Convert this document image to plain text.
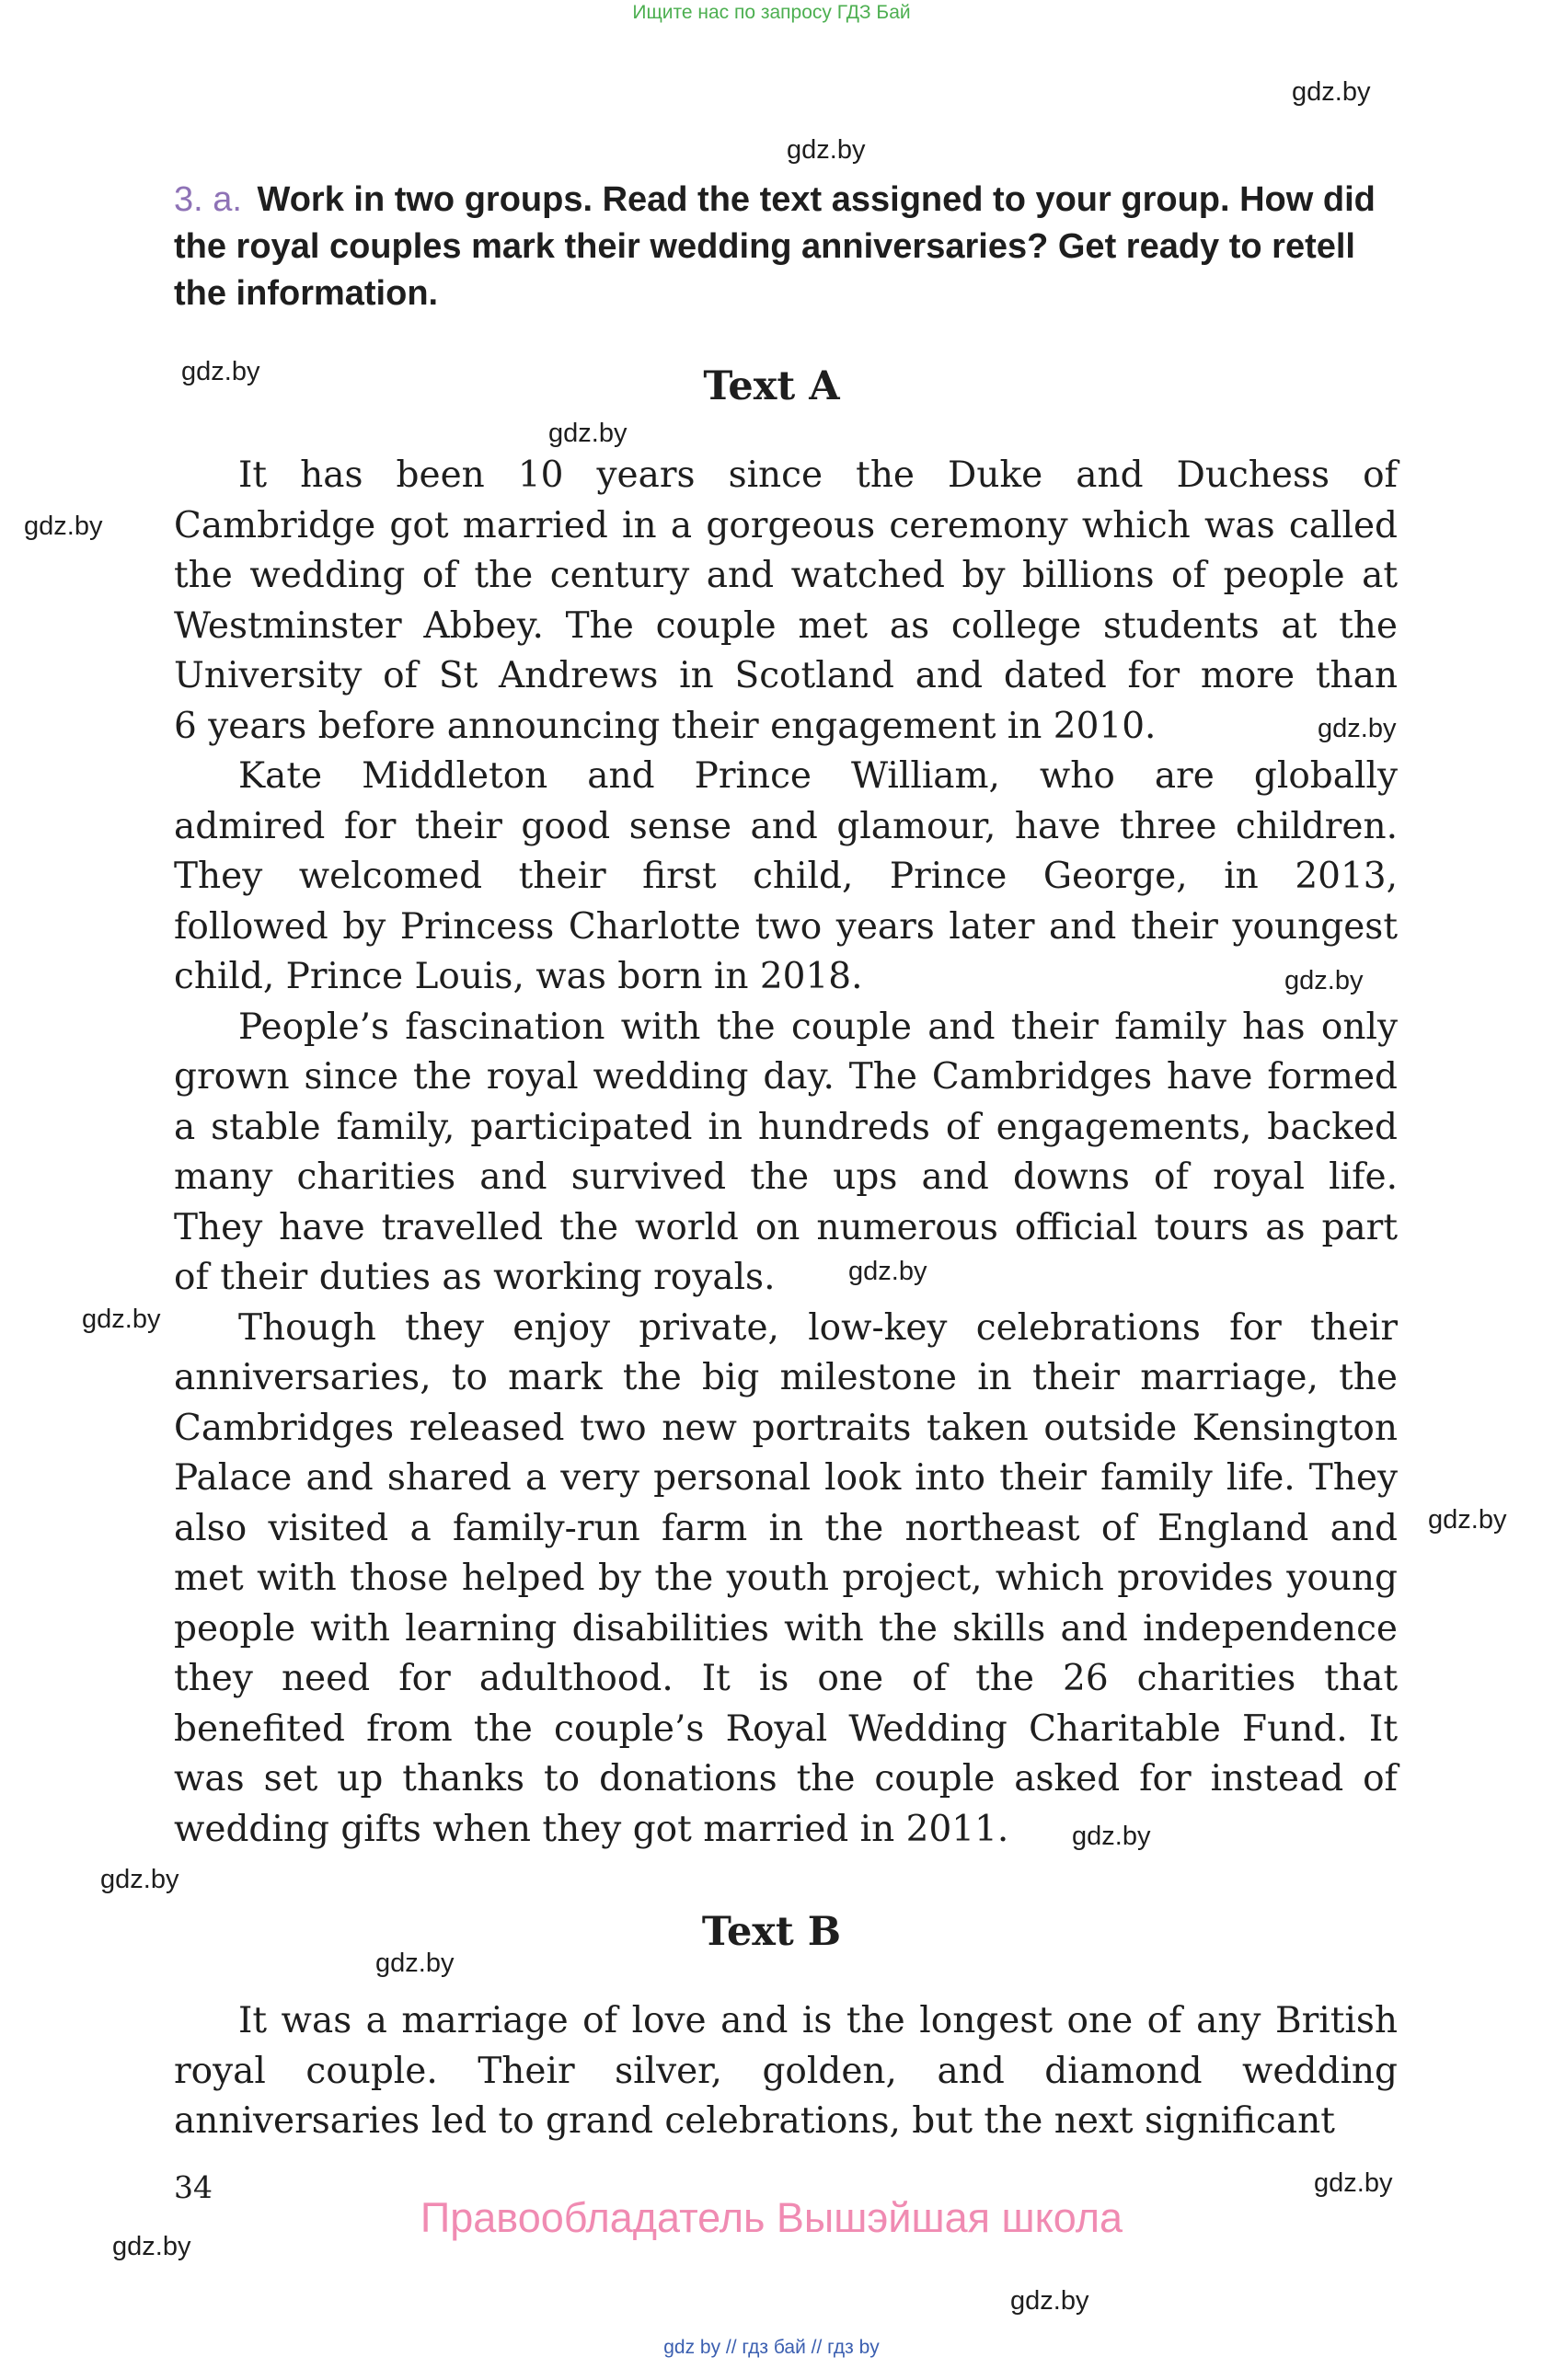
Ищите нас по запросу ГДЗ Бай
gdz.by
gdz.by
gdz.by
gdz.by
gdz.by
gdz.by
gdz.by
gdz.by
gdz.by
gdz.by
gdz.by
gdz.by
gdz.by
gdz.by
gdz.by
gdz.by
3. a. Work in two groups. Read the text assigned to your group. How did the royal couples mark their wedding anniversaries? Get ready to retell the information.
Text A
It has been 10 years since the Duke and Duchess of
Cambridge got married in a gorgeous ceremony which was called
the wedding of the century and watched by billions of people at
Westminster Abbey. The couple met as college students at the
University of St Andrews in Scotland and dated for more than
6 years before announcing their engagement in 2010.
Kate Middleton and Prince William, who are globally
admired for their good sense and glamour, have three children.
They welcomed their first child, Prince George, in 2013,
followed by Princess Charlotte two years later and their youngest
child, Prince Louis, was born in 2018.
People’s fascination with the couple and their family has only
grown since the royal wedding day. The Cambridges have formed
a stable family, participated in hundreds of engagements, backed
many charities and survived the ups and downs of royal life.
They have travelled the world on numerous official tours as part
of their duties as working royals.
Though they enjoy private, low-key celebrations for their
anniversaries, to mark the big milestone in their marriage, the
Cambridges released two new portraits taken outside Kensington
Palace and shared a very personal look into their family life. They
also visited a family-run farm in the northeast of England and
met with those helped by the youth project, which provides young
people with learning disabilities with the skills and independence
they need for adulthood. It is one of the 26 charities that
benefited from the couple’s Royal Wedding Charitable Fund. It
was set up thanks to donations the couple asked for instead of
wedding gifts when they got married in 2011.
Text B
It was a marriage of love and is the longest one of any British
royal couple. Their silver, golden, and diamond wedding
anniversaries led to grand celebrations, but the next significant
34
Правообладатель Вышэйшая школа
gdz by // гдз бай // гдз by
